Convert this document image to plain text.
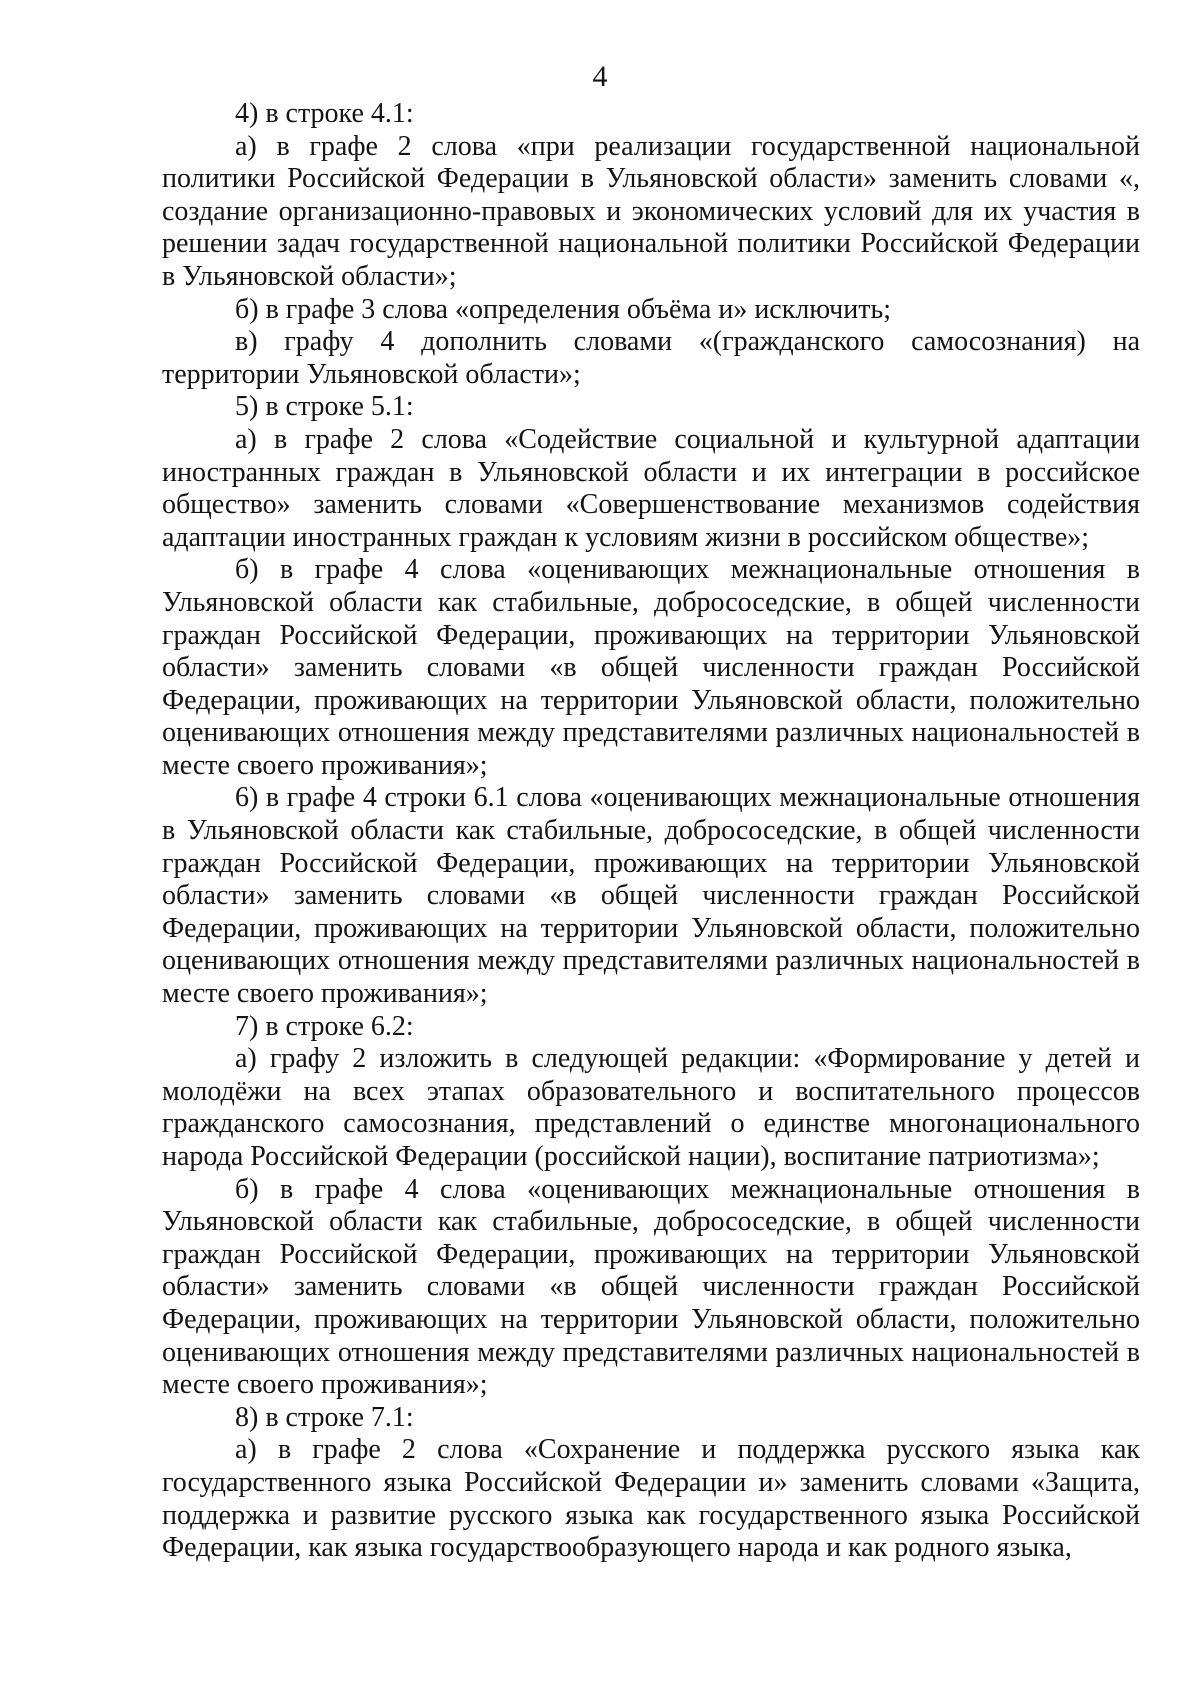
4

4) в строке 4.1:

а) в графе 2 слова «при реализации государственной национальной политики Российской Федерации в Ульяновской области» заменить словами «, создание организационно-правовых и экономических условий для их участия в решении задач государственной национальной политики Российской Федерации в Ульяновской области»;

б) в графе 3 слова «определения объёма и» исключить;

в) графу 4 дополнить словами «(гражданского самосознания) на территории Ульяновской области»;

5) в строке 5.1:

а) в графе 2 слова «Содействие социальной и культурной адаптации иностранных граждан в Ульяновской области и их интеграции в российское общество» заменить словами «Совершенствование механизмов содействия адаптации иностранных граждан к условиям жизни в российском обществе»;

б) в графе 4 слова «оценивающих межнациональные отношения в Ульяновской области как стабильные, добрососедские, в общей численности граждан Российской Федерации, проживающих на территории Ульяновской области» заменить словами «в общей численности граждан Российской Федерации, проживающих на территории Ульяновской области, положительно оценивающих отношения между представителями различных национальностей в месте своего проживания»;

6) в графе 4 строки 6.1 слова «оценивающих межнациональные отношения в Ульяновской области как стабильные, добрососедские, в общей численности граждан Российской Федерации, проживающих на территории Ульяновской области» заменить словами «в общей численности граждан Российской Федерации, проживающих на территории Ульяновской области, положительно оценивающих отношения между представителями различных национальностей в месте своего проживания»;

7) в строке 6.2:

а) графу 2 изложить в следующей редакции: «Формирование у детей и молодёжи на всех этапах образовательного и воспитательного процессов гражданского самосознания, представлений о единстве многонационального народа Российской Федерации (российской нации), воспитание патриотизма»;

б) в графе 4 слова «оценивающих межнациональные отношения в Ульяновской области как стабильные, добрососедские, в общей численности граждан Российской Федерации, проживающих на территории Ульяновской области» заменить словами «в общей численности граждан Российской Федерации, проживающих на территории Ульяновской области, положительно оценивающих отношения между представителями различных национальностей в месте своего проживания»;

8) в строке 7.1:

а) в графе 2 слова «Сохранение и поддержка русского языка как государственного языка Российской Федерации и» заменить словами «Защита, поддержка и развитие русского языка как государственного языка Российской Федерации, как языка государствообразующего народа и как родного языка,
